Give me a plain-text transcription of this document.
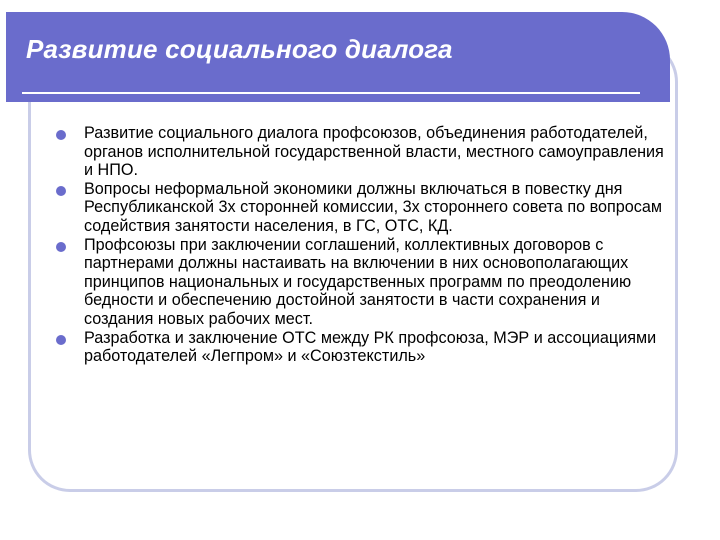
Развитие социального диалога
Развитие социального диалога профсоюзов, объединения работодателей, органов исполнительной государственной власти, местного самоуправления и НПО.
Вопросы неформальной экономики должны включаться в повестку дня Республиканской 3х сторонней комиссии, 3х стороннего совета по вопросам содействия занятости населения, в ГС, ОТС, КД.
Профсоюзы при заключении соглашений, коллективных договоров с партнерами должны настаивать на включении в них основополагающих принципов национальных и государственных программ по преодолению бедности и обеспечению достойной занятости в части сохранения и создания новых рабочих мест.
Разработка и заключение ОТС между РК профсоюза, МЭР и ассоциациями работодателей «Легпром» и «Союзтекстиль»
